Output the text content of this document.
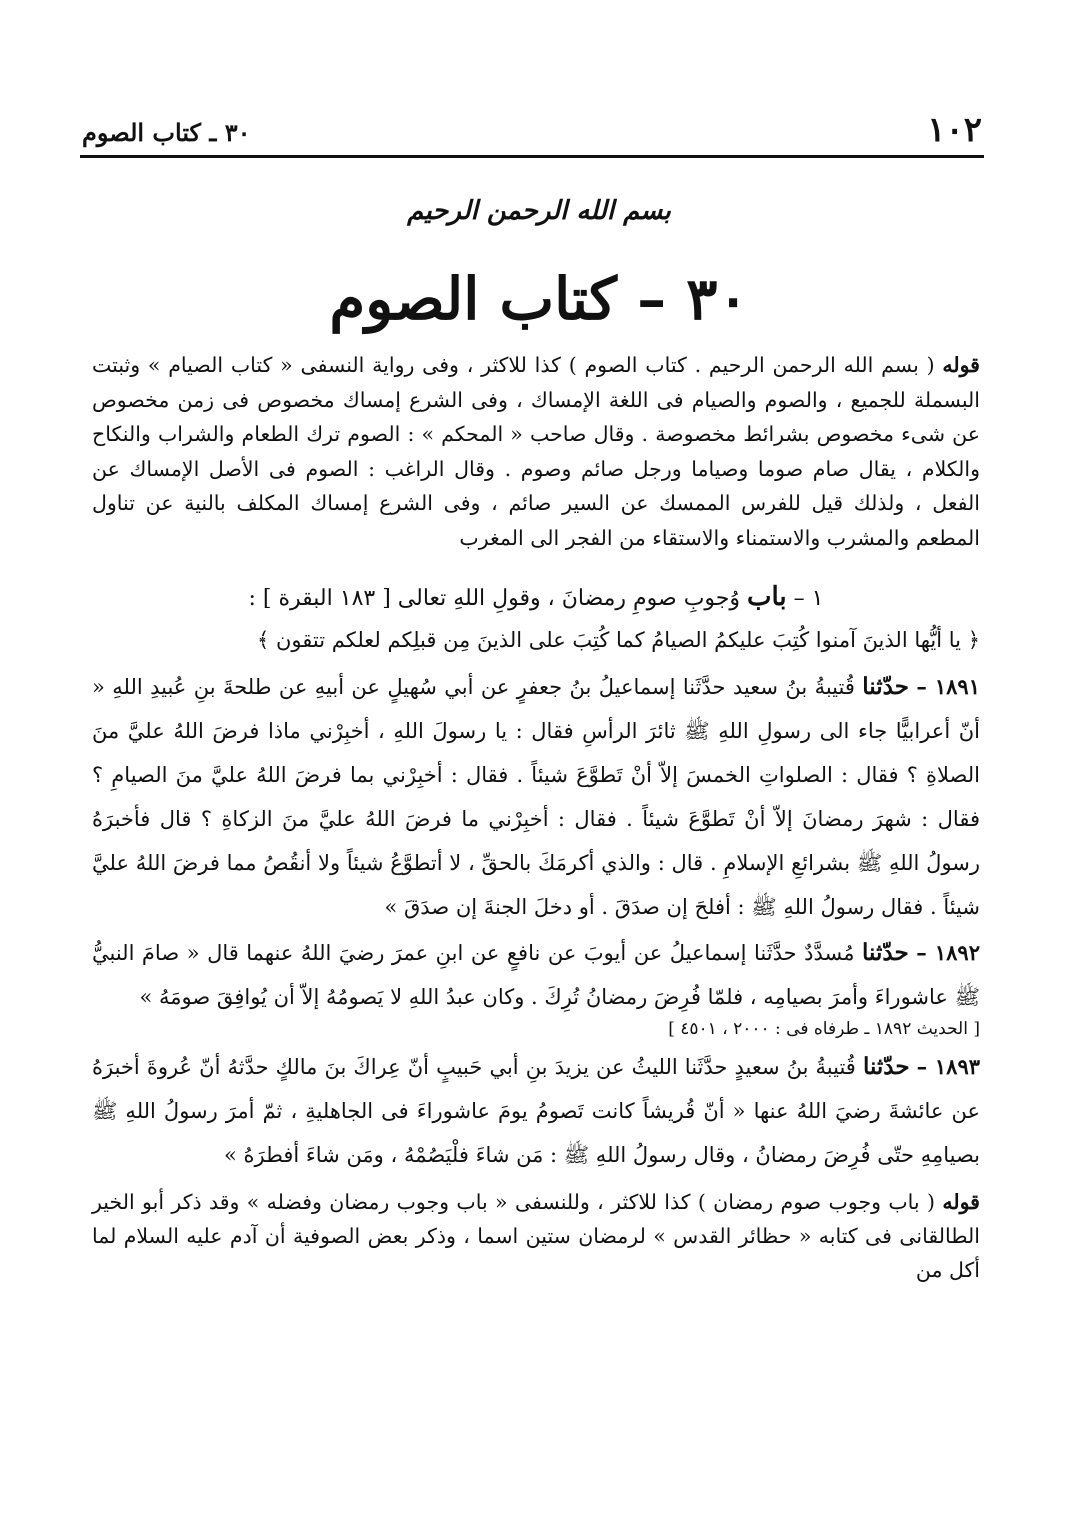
١٠٢
٣٠ ـ كتاب الصوم
بسم الله الرحمن الرحيم
٣٠ – كتاب الصوم

قوله ( بسم الله الرحمن الرحيم . كتاب الصوم ) كذا للاكثر ، وفى رواية النسفى « كتاب الصيام » وثبتت البسملة للجميع ، والصوم والصيام فى اللغة الإمساك ، وفى الشرع إمساك مخصوص فى زمن مخصوص عن شىء مخصوص بشرائط مخصوصة . وقال صاحب « المحكم » : الصوم ترك الطعام والشراب والنكاح والكلام ، يقال صام صوما وصياما ورجل صائم وصوم . وقال الراغب : الصوم فى الأصل الإمساك عن الفعل ، ولذلك قيل للفرس الممسك عن السير صائم ، وفى الشرع إمساك المكلف بالنية عن تناول المطعم والمشرب والاستمناء والاستقاء من الفجر الى المغرب

١ – باب وُجوبِ صومِ رمضانَ ، وقولِ اللهِ تعالى [ ١٨٣ البقرة ] :

﴿ يا أيُّها الذينَ آمنوا كُتِبَ عليكمُ الصيامُ كما كُتِبَ على الذينَ مِن قبلِكم لعلكم تتقون ﴾

١٨٩١ – حدّثنا قُتيبةُ بنُ سعيد حدَّثَنا إسماعيلُ بنُ جعفرٍ عن أبي سُهيلٍ عن أبيهِ عن طلحةَ بنِ عُبيدِ اللهِ « أنّ أعرابيًّا جاء الى رسولِ اللهِ ﷺ ثائرَ الرأسِ فقال : يا رسولَ اللهِ ، أخبِرْني ماذا فرضَ اللهُ عليَّ منَ الصلاةِ ؟ فقال : الصلواتِ الخمسَ إلاّ أنْ تَطوَّعَ شيئاً . فقال : أخبِرْني بما فرضَ اللهُ عليَّ منَ الصيامِ ؟ فقال : شهرَ رمضانَ إلاّ أنْ تَطوَّعَ شيئاً . فقال : أخبِرْني ما فرضَ اللهُ عليَّ منَ الزكاةِ ؟ قال فأخبرَهُ رسولُ اللهِ ﷺ بشرائعِ الإسلامِ . قال : والذي أكرمَكَ بالحقِّ ، لا أتطوَّعُ شيئاً ولا أنقُصُ مما فرضَ اللهُ عليَّ شيئاً . فقال رسولُ اللهِ ﷺ : أفلحَ إن صدَقَ . أو دخلَ الجنةَ إن صدَقَ »

١٨٩٢ – حدّثنا مُسدَّدٌ حدَّثَنا إسماعيلُ عن أيوبَ عن نافعٍ عن ابنِ عمرَ رضيَ اللهُ عنهما قال « صامَ النبيُّ ﷺ عاشوراءَ وأمرَ بصيامِه ، فلمّا فُرِضَ رمضانُ تُرِكَ . وكان عبدُ اللهِ لا يَصومُهُ إلاّ أن يُوافِقَ صومَهُ »

[ الحديث ١٨٩٢ ـ طرفاه فى : ٢٠٠٠ ، ٤٥٠١ ]

١٨٩٣ – حدّثنا قُتيبةُ بنُ سعيدٍ حدَّثَنا الليثُ عن يزيدَ بنِ أبي حَبيبٍ أنّ عِراكَ بنَ مالكٍ حدَّثهُ أنّ عُروةَ أخبرَهُ عن عائشةَ رضيَ اللهُ عنها « أنّ قُريشاً كانت تَصومُ يومَ عاشوراءَ فى الجاهليةِ ، ثمّ أمرَ رسولُ اللهِ ﷺ بصيامِهِ حتّى فُرِضَ رمضانُ ، وقال رسولُ اللهِ ﷺ : مَن شاءَ فلْيَصُمْهُ ، ومَن شاءَ أفطرَهُ »

قوله ( باب وجوب صوم رمضان ) كذا للاكثر ، وللنسفى « باب وجوب رمضان وفضله » وقد ذكر أبو الخير الطالقانى فى كتابه « حظائر القدس » لرمضان ستين اسما ، وذكر بعض الصوفية أن آدم عليه السلام لما أكل من
